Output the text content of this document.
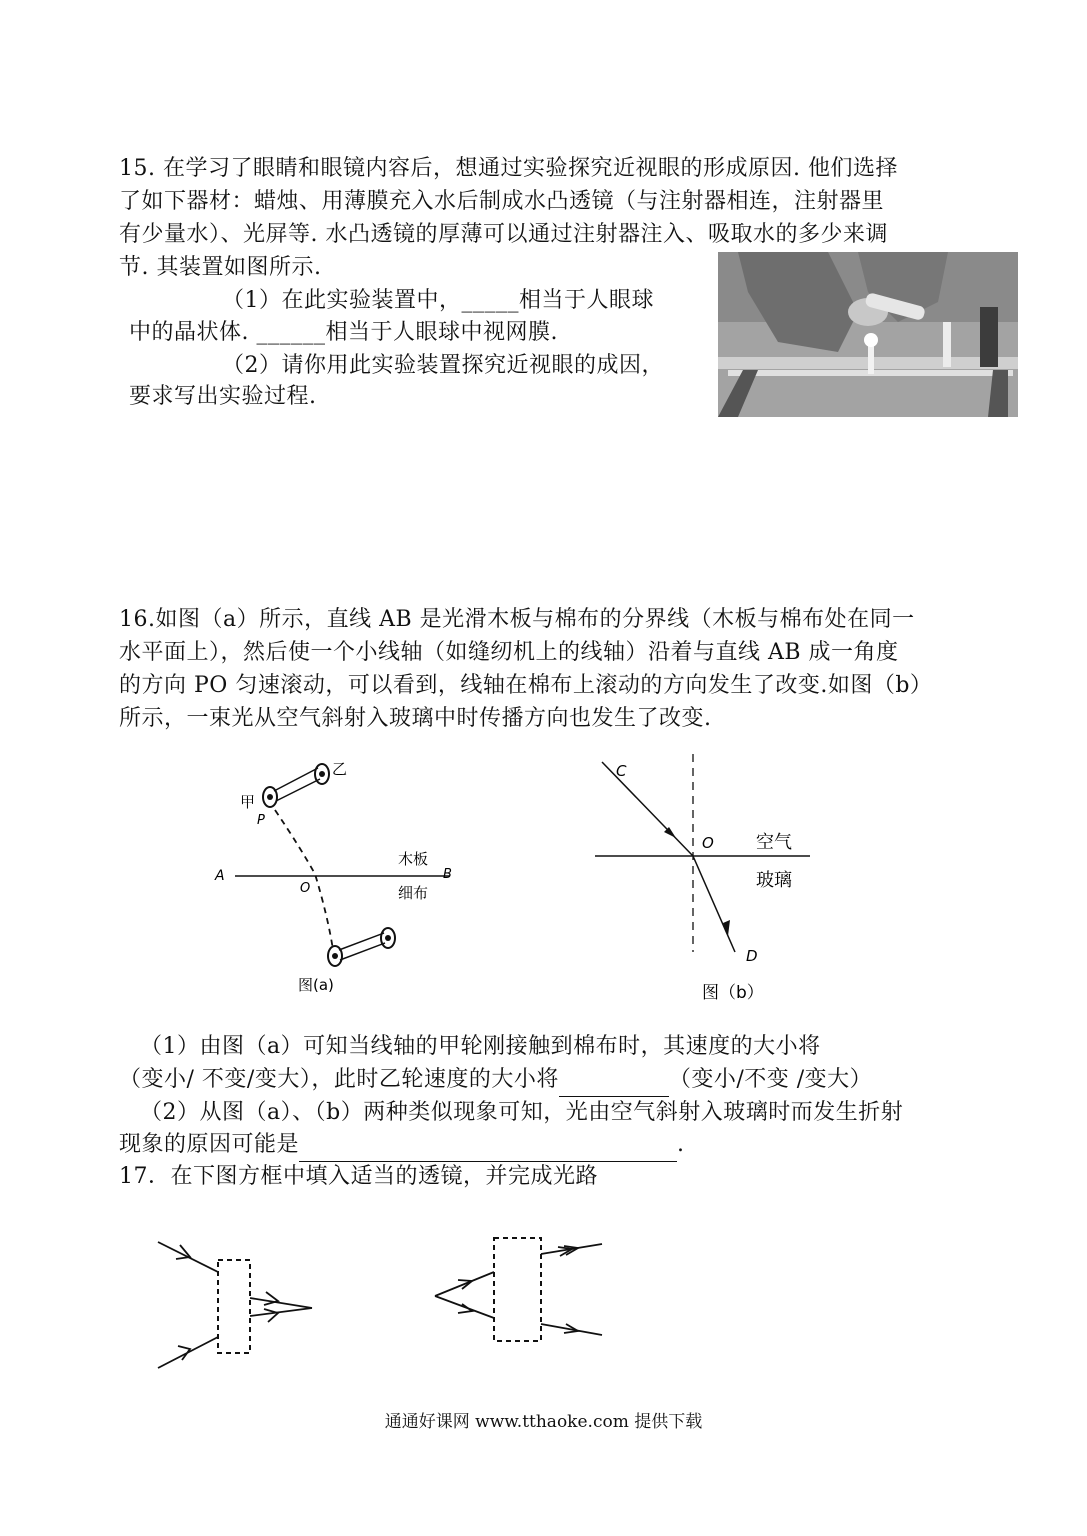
15. 在学习了眼睛和眼镜内容后，想通过实验探究近视眼的形成原因. 他们选择
了如下器材：蜡烛、用薄膜充入水后制成水凸透镜（与注射器相连，注射器里
有少量水）、光屏等. 水凸透镜的厚薄可以通过注射器注入、吸取水的多少来调
节. 其装置如图所示.
（1）在此实验装置中，_____相当于人眼球
中的晶状体. ______相当于人眼球中视网膜.
（2）请你用此实验装置探究近视眼的成因，
要求写出实验过程.
16.如图（a）所示，直线 AB 是光滑木板与棉布的分界线（木板与棉布处在同一
水平面上），然后使一个小线轴（如缝纫机上的线轴）沿着与直线 AB 成一角度
的方向 PO 匀速滚动，可以看到，线轴在棉布上滚动的方向发生了改变.如图（b）
所示，一束光从空气斜射入玻璃中时传播方向也发生了改变.
甲
乙
P
A
O
B
木板
细布
图(a)
C
O 空气
玻璃
D
图（b）
（1）由图（a）可知当线轴的甲轮刚接触到棉布时，其速度的大小将
（变小/ 不变/变大），此时乙轮速度的大小将	（变小/不变 /变大）
（2）从图（a）、（b）两种类似现象可知，光由空气斜射入玻璃时而发生折射
现象的原因可能是	.
17．在下图方框中填入适当的透镜，并完成光路
通通好课网 www.tthaoke.com 提供下载
